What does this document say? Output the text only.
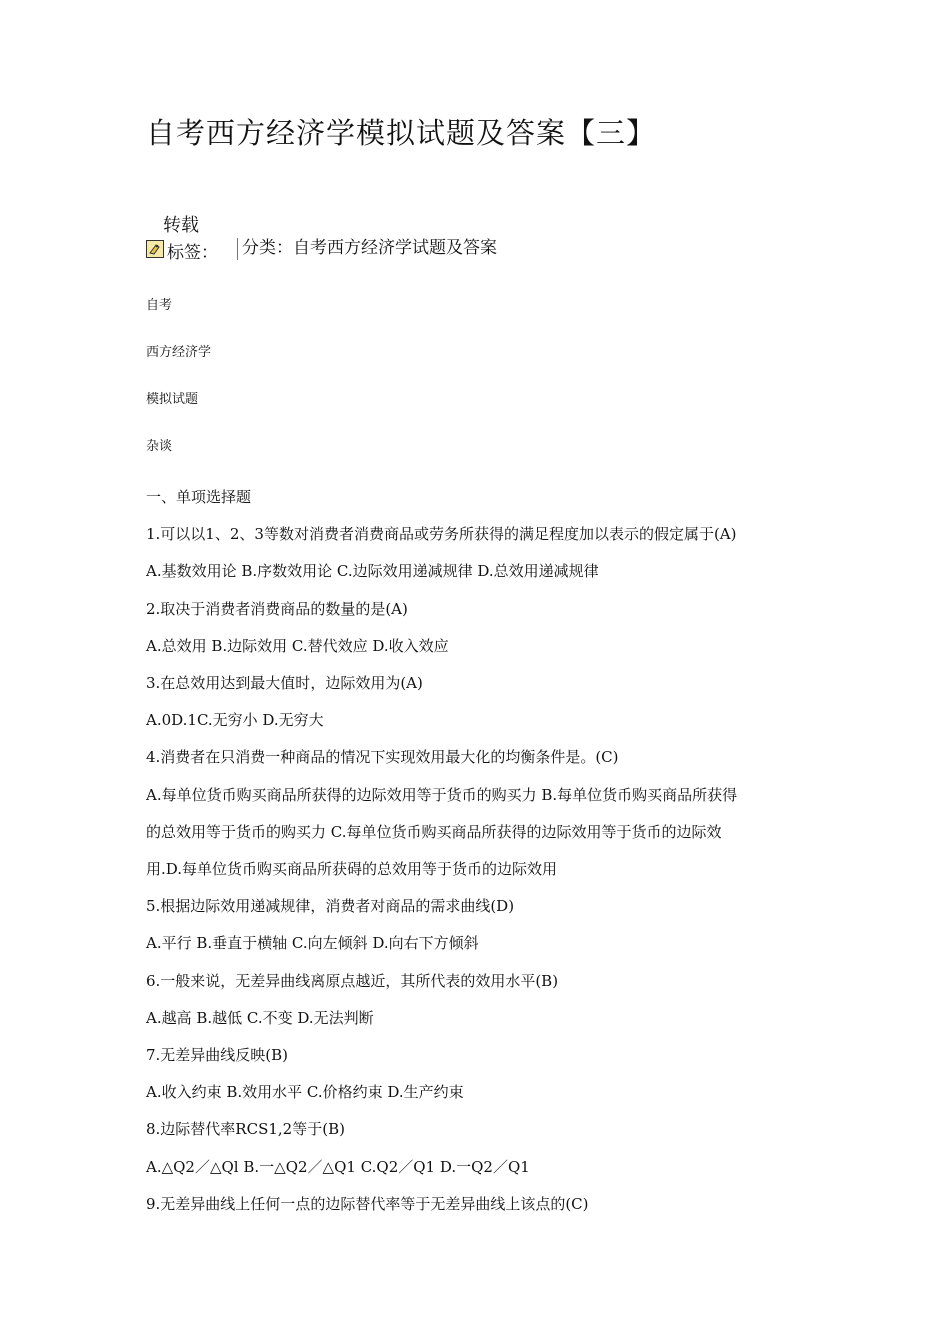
自考西方经济学模拟试题及答案【三】
转载
标签： 分类：自考西方经济学试题及答案
自考
西方经济学
模拟试题
杂谈
一、单项选择题
1.可以以1、2、3等数对消费者消费商品或劳务所获得的满足程度加以表示的假定属于(A)
A.基数效用论 B.序数效用论 C.边际效用递减规律 D.总效用递减规律
2.取决于消费者消费商品的数量的是(A)
A.总效用 B.边际效用 C.替代效应 D.收入效应
3.在总效用达到最大值时，边际效用为(A)
A.0D.1C.无穷小 D.无穷大
4.消费者在只消费一种商品的情况下实现效用最大化的均衡条件是。(C)
A.每单位货币购买商品所获得的边际效用等于货币的购买力 B.每单位货币购买商品所获得
的总效用等于货币的购买力 C.每单位货币购买商品所获得的边际效用等于货币的边际效
用.D.每单位货币购买商品所获碍的总效用等于货币的边际效用
5.根据边际效用递减规律，消费者对商品的需求曲线(D)
A.平行 B.垂直于横轴 C.向左倾斜 D.向右下方倾斜
6.一般来说，无差异曲线离原点越近，其所代表的效用水平(B)
A.越高 B.越低 C.不变 D.无法判断
7.无差异曲线反映(B)
A.收入约束 B.效用水平 C.价格约束 D.生产约束
8.边际替代率RCS1,2等于(B)
A.△Q2／△Ql B.一△Q2／△Q1 C.Q2／Q1 D.一Q2／Q1
9.无差异曲线上任何一点的边际替代率等于无差异曲线上该点的(C)
